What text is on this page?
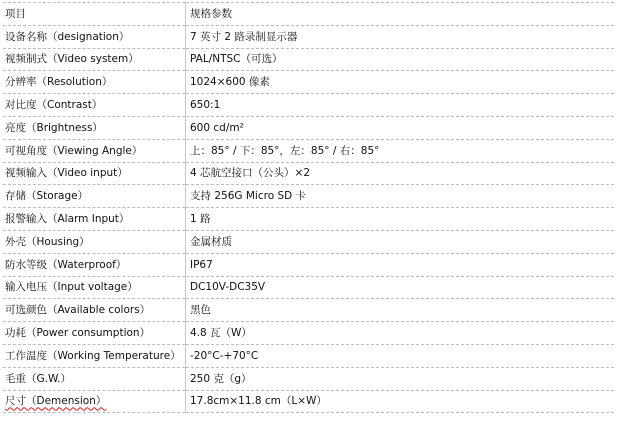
项目	规格参数
设备名称（designation）	7 英寸 2 路录制显示器
视频制式（Video system）	PAL/NTSC（可选）
分辨率（Resolution）	1024×600 像素
对比度（Contrast）	650:1
亮度（Brightness）	600 cd/m²
可视角度（Viewing Angle）	上：85° / 下：85°，左：85° / 右：85°
视频输入（Video input）	4 芯航空接口（公头）×2
存储（Storage）	支持 256G Micro SD 卡
报警输入（Alarm Input）	1 路
外壳（Housing）	金属材质
防水等级（Waterproof）	IP67
输入电压（Input voltage）	DC10V-DC35V
可选颜色（Available colors）	黑色
功耗（Power consumption）	4.8 瓦（W）
工作温度（Working Temperature）	-20°C-+70°C
毛重（G.W.）	250 克（g）
尺寸（Demension）	17.8cm×11.8 cm（L×W）
